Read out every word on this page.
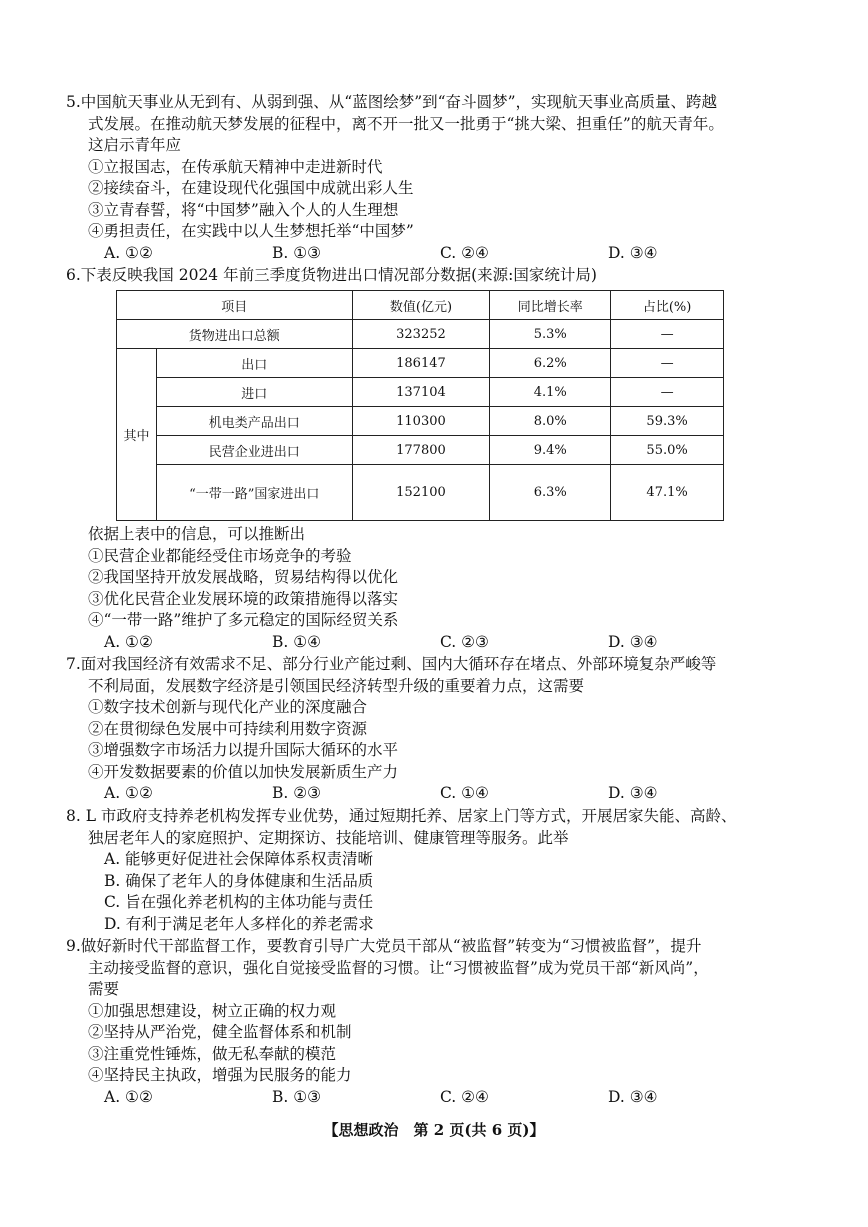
5.中国航天事业从无到有、从弱到强、从“蓝图绘梦”到“奋斗圆梦”，实现航天事业高质量、跨越

式发展。在推动航天梦发展的征程中，离不开一批又一批勇于“挑大梁、担重任”的航天青年。

这启示青年应

①立报国志，在传承航天精神中走进新时代

②接续奋斗，在建设现代化强国中成就出彩人生

③立青春誓，将“中国梦”融入个人的人生理想

④勇担责任，在实践中以人生梦想托举“中国梦”

A. ①②	B. ①③	C. ②④	D. ③④

6.下表反映我国 2024 年前三季度货物进出口情况部分数据(来源:国家统计局)

项目		数值(亿元)	同比增长率	占比(%)
货物进出口总额		323252	5.3%	—
其中	出口	186147	6.2%	—
	进口	137104	4.1%	—
	机电类产品出口	110300	8.0%	59.3%
	民营企业进出口	177800	9.4%	55.0%
	“一带一路”国家进出口	152100	6.3%	47.1%

依据上表中的信息，可以推断出

①民营企业都能经受住市场竞争的考验

②我国坚持开放发展战略，贸易结构得以优化

③优化民营企业发展环境的政策措施得以落实

④“一带一路”维护了多元稳定的国际经贸关系

A. ①②	B. ①④	C. ②③	D. ③④

7.面对我国经济有效需求不足、部分行业产能过剩、国内大循环存在堵点、外部环境复杂严峻等

不利局面，发展数字经济是引领国民经济转型升级的重要着力点，这需要

①数字技术创新与现代化产业的深度融合

②在贯彻绿色发展中可持续利用数字资源

③增强数字市场活力以提升国际大循环的水平

④开发数据要素的价值以加快发展新质生产力

A. ①②	B. ②③	C. ①④	D. ③④

8. L 市政府支持养老机构发挥专业优势，通过短期托养、居家上门等方式，开展居家失能、高龄、

独居老年人的家庭照护、定期探访、技能培训、健康管理等服务。此举

A. 能够更好促进社会保障体系权责清晰

B. 确保了老年人的身体健康和生活品质

C. 旨在强化养老机构的主体功能与责任

D. 有利于满足老年人多样化的养老需求

9.做好新时代干部监督工作，要教育引导广大党员干部从“被监督”转变为“习惯被监督”，提升

主动接受监督的意识，强化自觉接受监督的习惯。让“习惯被监督”成为党员干部“新风尚”，

需要

①加强思想建设，树立正确的权力观

②坚持从严治党，健全监督体系和机制

③注重党性锤炼，做无私奉献的模范

④坚持民主执政，增强为民服务的能力

A. ①②	B. ①③	C. ②④	D. ③④
【思想政治　第 2 页(共 6 页)】
